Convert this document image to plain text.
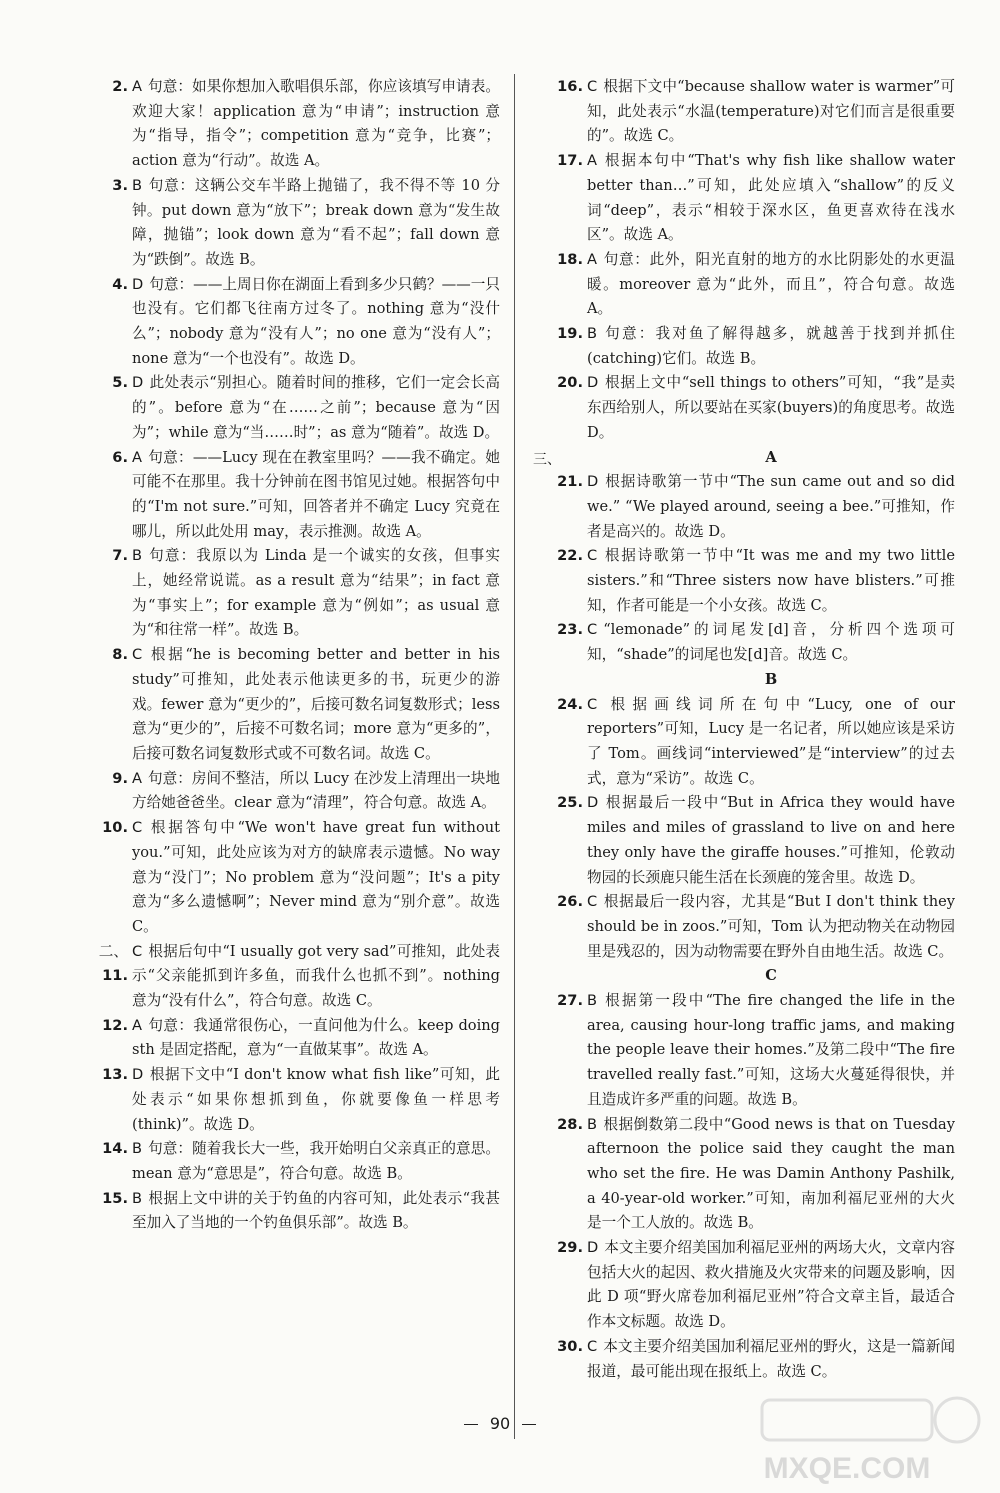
2. A 句意：如果你想加入歌唱俱乐部，你应该填写申请表。欢迎大家！application 意为“申请”；instruction 意为“指导，指令”；competition 意为“竞争，比赛”；action 意为“行动”。故选 A。

3. B 句意：这辆公交车半路上抛锚了，我不得不等 10 分钟。put down 意为“放下”；break down 意为“发生故障，抛锚”；look down 意为“看不起”；fall down 意为“跌倒”。故选 B。

4. D 句意：——上周日你在湖面上看到多少只鹤？——一只也没有。它们都飞往南方过冬了。nothing 意为“没什么”；nobody 意为“没有人”；no one 意为“没有人”；none 意为“一个也没有”。故选 D。

5. D 此处表示“别担心。随着时间的推移，它们一定会长高的”。before 意为“在……之前”；because 意为“因为”；while 意为“当……时”；as 意为“随着”。故选 D。

6. A 句意：——Lucy 现在在教室里吗？——我不确定。她可能不在那里。我十分钟前在图书馆见过她。根据答句中的“I'm not sure.”可知，回答者并不确定 Lucy 究竟在哪儿，所以此处用 may，表示推测。故选 A。

7. B 句意：我原以为 Linda 是一个诚实的女孩，但事实上，她经常说谎。as a result 意为“结果”；in fact 意为“事实上”；for example 意为“例如”；as usual 意为“和往常一样”。故选 B。

8. C 根据“he is becoming better and better in his study”可推知，此处表示他读更多的书，玩更少的游戏。fewer 意为“更少的”，后接可数名词复数形式；less 意为“更少的”，后接不可数名词；more 意为“更多的”，后接可数名词复数形式或不可数名词。故选 C。

9. A 句意：房间不整洁，所以 Lucy 在沙发上清理出一块地方给她爸爸坐。clear 意为“清理”，符合句意。故选 A。

10. C 根据答句中“We won't have great fun without you.”可知，此处应该为对方的缺席表示遗憾。No way 意为“没门”；No problem 意为“没问题”；It's a pity 意为“多么遗憾啊”；Never mind 意为“别介意”。故选 C。

二、11.
C 根据后句中“I usually got very sad”可推知，此处表示“父亲能抓到许多鱼，而我什么也抓不到”。nothing 意为“没有什么”，符合句意。故选 C。

12. A 句意：我通常很伤心，一直问他为什么。keep doing sth 是固定搭配，意为“一直做某事”。故选 A。

13. D 根据下文中“I don't know what fish like”可知，此处表示“如果你想抓到鱼，你就要像鱼一样思考(think)”。故选 D。

14. B 句意：随着我长大一些，我开始明白父亲真正的意思。mean 意为“意思是”，符合句意。故选 B。

15. B 根据上文中讲的关于钓鱼的内容可知，此处表示“我甚至加入了当地的一个钓鱼俱乐部”。故选 B。

16. C 根据下文中“because shallow water is warmer”可知，此处表示“水温(temperature)对它们而言是很重要的”。故选 C。

17. A 根据本句中“That's why fish like shallow water better than…”可知，此处应填入“shallow”的反义词“deep”，表示“相较于深水区，鱼更喜欢待在浅水区”。故选 A。

18. A 句意：此外，阳光直射的地方的水比阴影处的水更温暖。moreover 意为“此外，而且”，符合句意。故选 A。

19. B 句意：我对鱼了解得越多，就越善于找到并抓住(catching)它们。故选 B。

20. D 根据上文中“sell things to others”可知，“我”是卖东西给别人，所以要站在买家(buyers)的角度思考。故选 D。

三、	A

21. D 根据诗歌第一节中“The sun came out and so did we.” “We played around, seeing a bee.”可推知，作者是高兴的。故选 D。

22. C 根据诗歌第一节中“It was me and my two little sisters.”和“Three sisters now have blisters.”可推知，作者可能是一个小女孩。故选 C。

23. C “lemonade”的词尾发[d]音，分析四个选项可知，“shade”的词尾也发[d]音。故选 C。

B

24. C 根据画线词所在句中“Lucy, one of our reporters”可知，Lucy 是一名记者，所以她应该是采访了 Tom。画线词“interviewed”是“interview”的过去式，意为“采访”。故选 C。

25. D 根据最后一段中“But in Africa they would have miles and miles of grassland to live on and here they only have the giraffe houses.”可推知，伦敦动物园的长颈鹿只能生活在长颈鹿的笼舍里。故选 D。

26. C 根据最后一段内容，尤其是“But I don't think they should be in zoos.”可知，Tom 认为把动物关在动物园里是残忍的，因为动物需要在野外自由地生活。故选 C。

C

27. B 根据第一段中“The fire changed the life in the area, causing hour-long traffic jams, and making the people leave their homes.”及第二段中“The fire travelled really fast.”可知，这场大火蔓延得很快，并且造成许多严重的问题。故选 B。

28. B 根据倒数第二段中“Good news is that on Tuesday afternoon the police said they caught the man who set the fire. He was Damin Anthony Pashilk, a 40-year-old worker.”可知，南加利福尼亚州的大火是一个工人放的。故选 B。

29. D 本文主要介绍美国加利福尼亚州的两场大火，文章内容包括大火的起因、救火措施及火灾带来的问题及影响，因此 D 项“野火席卷加利福尼亚州”符合文章主旨，最适合作本文标题。故选 D。

30. C 本文主要介绍美国加利福尼亚州的野火，这是一篇新闻报道，最可能出现在报纸上。故选 C。

90
MXQE.COM
